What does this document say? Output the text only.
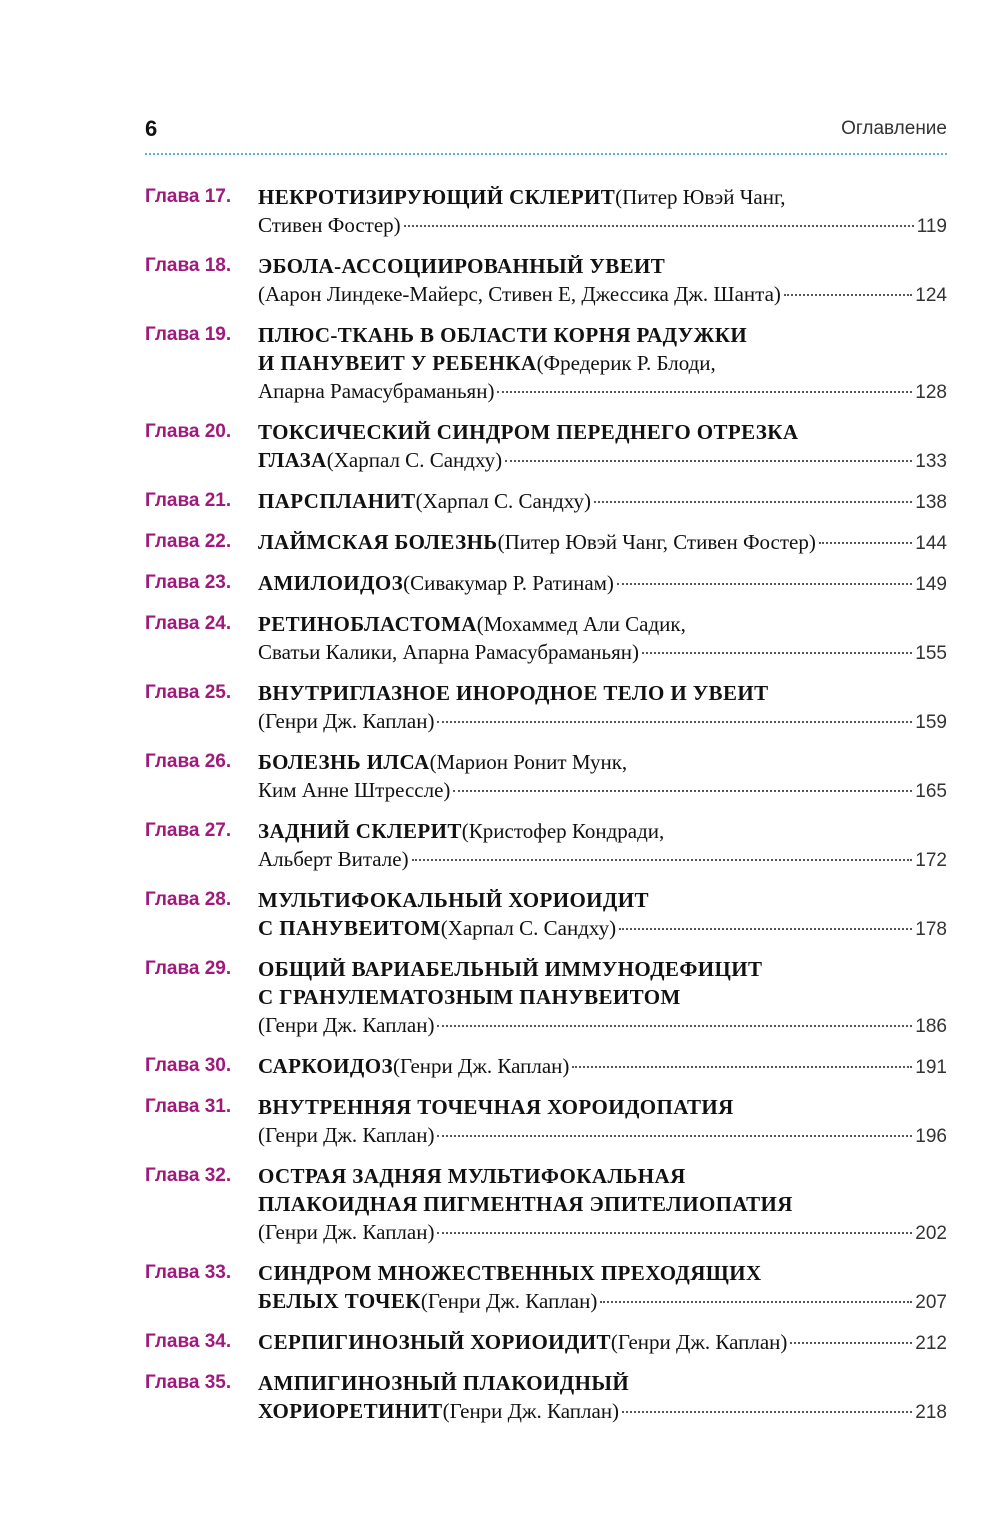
6	Оглавление
Глава 17. НЕКРОТИЗИРУЮЩИЙ СКЛЕРИТ (Питер Ювэй Чанг,
Стивен Фостер)	119
Глава 18. ЭБОЛА-АССОЦИИРОВАННЫЙ УВЕИТ
(Аарон Линдеке-Майерс, Стивен Е, Джессика Дж. Шанта)	124
Глава 19. ПЛЮС-ТКАНЬ В ОБЛАСТИ КОРНЯ РАДУЖКИ
И ПАНУВЕИТ У РЕБЕНКА (Фредерик Р. Блоди,
Апарна Рамасубраманьян)	128
Глава 20. ТОКСИЧЕСКИЙ СИНДРОМ ПЕРЕДНЕГО ОТРЕЗКА
ГЛАЗА (Харпал С. Сандху)	133
Глава 21. ПАРСПЛАНИТ (Харпал С. Сандху)	138
Глава 22. ЛАЙМСКАЯ БОЛЕЗНЬ (Питер Ювэй Чанг, Стивен Фостер)	144
Глава 23. АМИЛОИДОЗ (Сивакумар Р. Ратинам)	149
Глава 24. РЕТИНОБЛАСТОМА (Мохаммед Али Садик,
Сватьи Калики, Апарна Рамасубраманьян)	155
Глава 25. ВНУТРИГЛАЗНОЕ ИНОРОДНОЕ ТЕЛО И УВЕИТ
(Генри Дж. Каплан)	159
Глава 26. БОЛЕЗНЬ ИЛСА (Марион Ронит Мунк,
Ким Анне Штрессле)	165
Глава 27. ЗАДНИЙ СКЛЕРИТ (Кристофер Кондради,
Альберт Витале)	172
Глава 28. МУЛЬТИФОКАЛЬНЫЙ ХОРИОИДИТ
С ПАНУВЕИТОМ (Харпал С. Сандху)	178
Глава 29. ОБЩИЙ ВАРИАБЕЛЬНЫЙ ИММУНОДЕФИЦИТ
С ГРАНУЛЕМАТОЗНЫМ ПАНУВЕИТОМ
(Генри Дж. Каплан)	186
Глава 30. САРКОИДОЗ (Генри Дж. Каплан)	191
Глава 31. ВНУТРЕННЯЯ ТОЧЕЧНАЯ ХОРОИДОПАТИЯ
(Генри Дж. Каплан)	196
Глава 32. ОСТРАЯ ЗАДНЯЯ МУЛЬТИФОКАЛЬНАЯ
ПЛАКОИДНАЯ ПИГМЕНТНАЯ ЭПИТЕЛИОПАТИЯ
(Генри Дж. Каплан)	202
Глава 33. СИНДРОМ МНОЖЕСТВЕННЫХ ПРЕХОДЯЩИХ
БЕЛЫХ ТОЧЕК (Генри Дж. Каплан)	207
Глава 34. СЕРПИГИНОЗНЫЙ ХОРИОИДИТ (Генри Дж. Каплан)	212
Глава 35. АМПИГИНОЗНЫЙ ПЛАКОИДНЫЙ
ХОРИОРЕТИНИТ (Генри Дж. Каплан)	218
